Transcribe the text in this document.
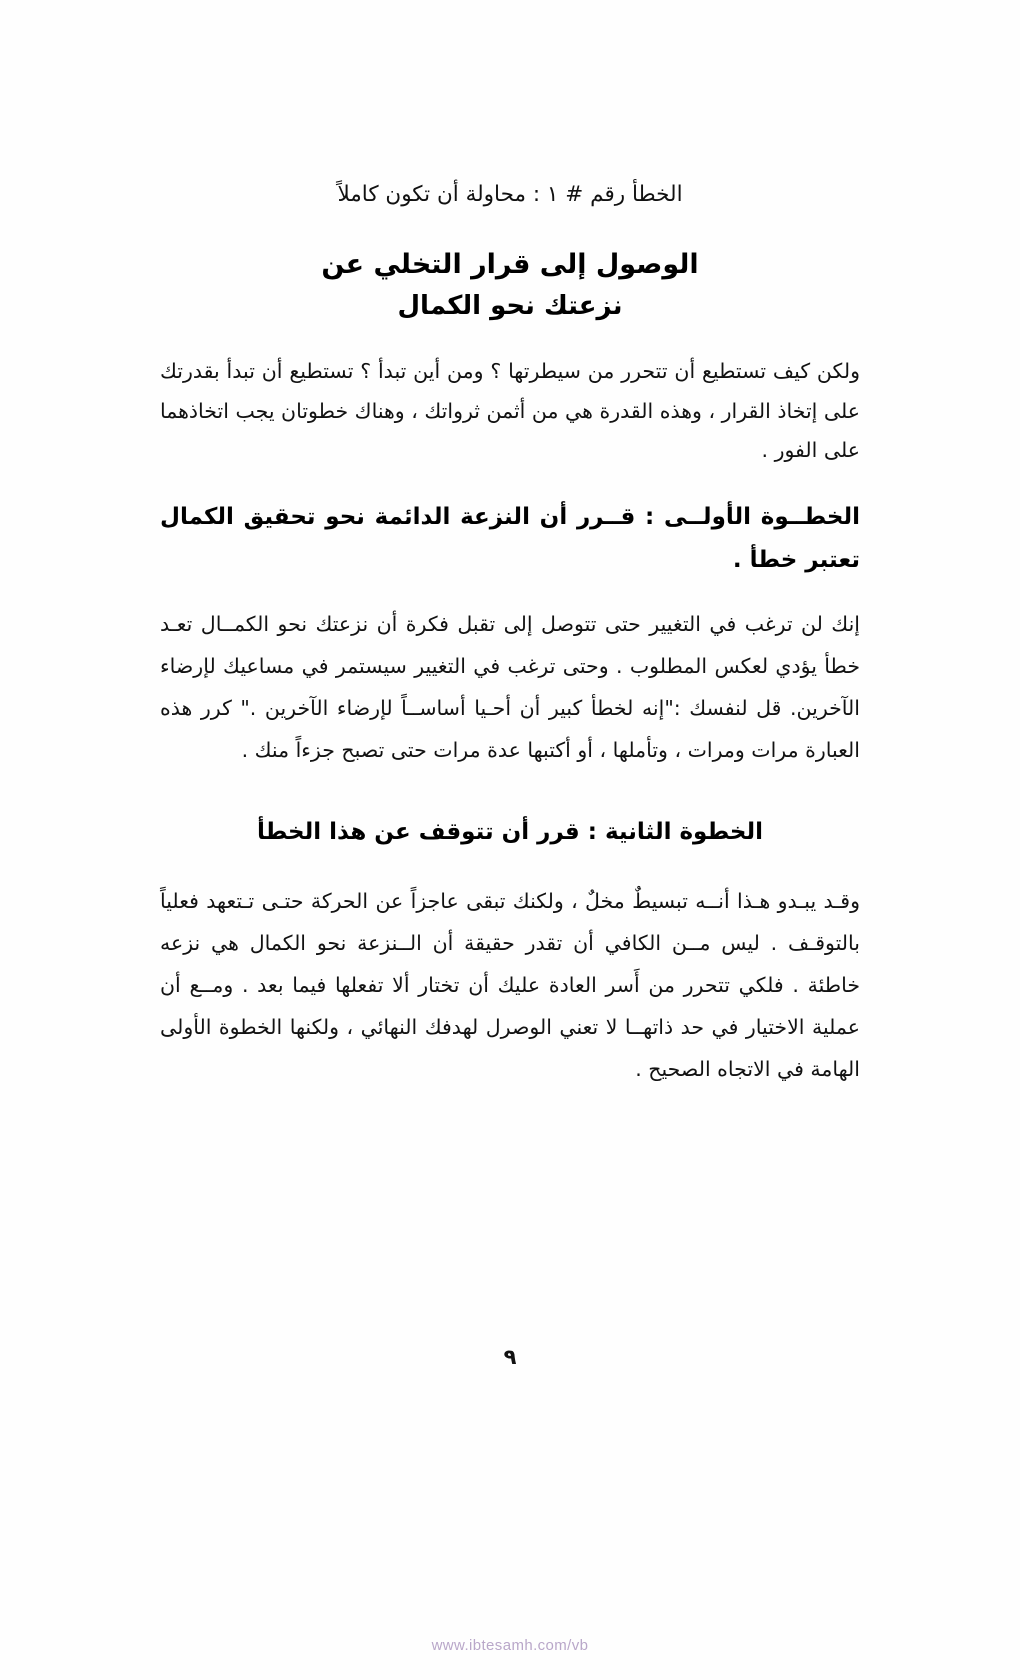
الخطأ رقم # ١ : محاولة أن تكون كاملاً
الوصول إلى قرار التخلي عن
نزعتك نحو الكمال

ولكن كيف تستطيع أن تتحرر من سيطرتها ؟ ومن أين تبدأ ؟ تستطيع أن تبدأ بقدرتك على إتخاذ القرار ، وهذه القدرة هي من أثمن ثرواتك ، وهناك خطوتان يجب اتخاذهما على الفور .

الخطــوة الأولــى : قــرر أن النزعة الدائمة نحو تحقيق الكمال تعتبر خطأ .

إنك لن ترغب في التغيير حتى تتوصل إلى تقبل فكرة أن نزعتك نحو الكمــال تعـد خطأ يؤدي لعكس المطلوب . وحتى ترغب في التغيير سيستمر في مساعيك لإرضاء الآخرين. قل لنفسك :"إنه لخطأ كبير أن أحـيا أساســاً لإرضاء الآخرين ." كرر هذه العبارة مرات ومرات ، وتأملها ، أو أكتبها عدة مرات حتى تصبح جزءاً منك .

الخطوة الثانية : قرر أن تتوقف عن هذا الخطأ

وقـد يبـدو هـذا أنــه تبسيطٌ مخلٌ ، ولكنك تبقى عاجزاً عن الحركة حتـى تـتعهد فعلياً بالتوقـف . ليس مــن الكافي أن تقدر حقيقة أن الــنزعة نحو الكمال هي نزعه خاطئة . فلكي تتحرر من أَسر العادة عليك أن تختار ألا تفعلها فيما بعد . ومــع أن عملية الاختيار في حد ذاتهــا لا تعني الوصرل لهدفك النهائي ، ولكنها الخطوة الأولى الهامة في الاتجاه الصحيح .

٩
www.ibtesamh.com/vb
